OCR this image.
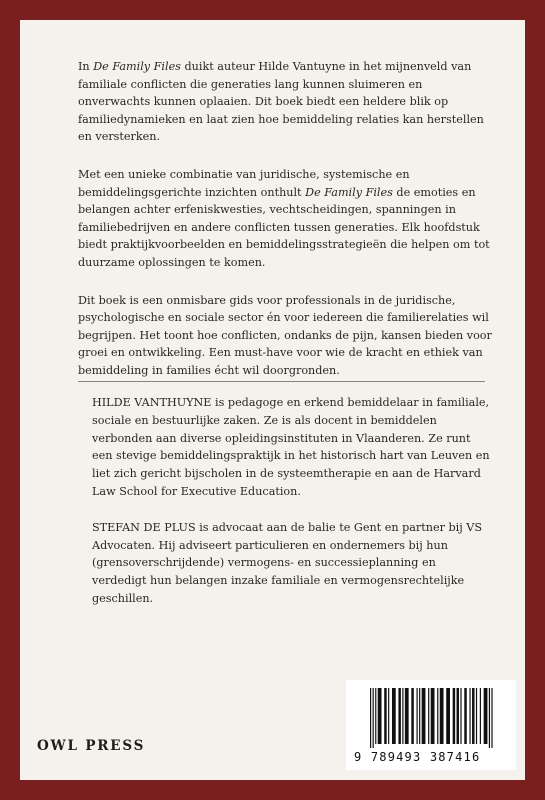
In De Family Files duikt auteur Hilde Vantuyne in het mijnenveld van familiale conflicten die generaties lang kunnen sluimeren en onverwachts kunnen oplaaien. Dit boek biedt een heldere blik op familiedynamieken en laat zien hoe bemiddeling relaties kan herstellen en versterken.

Met een unieke combinatie van juridische, systemische en bemiddelingsgerichte inzichten onthult De Family Files de emoties en belangen achter erfeniskwesties, vechtscheidingen, spanningen in familiebedrijven en andere conflicten tussen generaties. Elk hoofdstuk biedt praktijkvoorbeelden en bemiddelingsstrategieën die helpen om tot duurzame oplossingen te komen.

Dit boek is een onmisbare gids voor professionals in de juridische, psychologische en sociale sector én voor iedereen die familierelaties wil begrijpen. Het toont hoe conflicten, ondanks de pijn, kansen bieden voor groei en ontwikkeling. Een must-have voor wie de kracht en ethiek van bemiddeling in families écht wil doorgronden.

HILDE VANTHUYNE is pedagoge en erkend bemiddelaar in familiale, sociale en bestuurlijke zaken. Ze is als docent in bemiddelen verbonden aan diverse opleidingsinstituten in Vlaanderen. Ze runt een stevige bemiddelingspraktijk in het historisch hart van Leuven en liet zich gericht bijscholen in de systeemtherapie en aan de Harvard Law School for Executive Education.

STEFAN DE PLUS is advocaat aan de balie te Gent en partner bij VS Advocaten. Hij adviseert particulieren en ondernemers bij hun (grensoverschrijdende) vermogens- en successieplanning en verdedigt hun belangen inzake familiale en vermogensrechtelijke geschillen.

OWL PRESS
9 789493 387416
